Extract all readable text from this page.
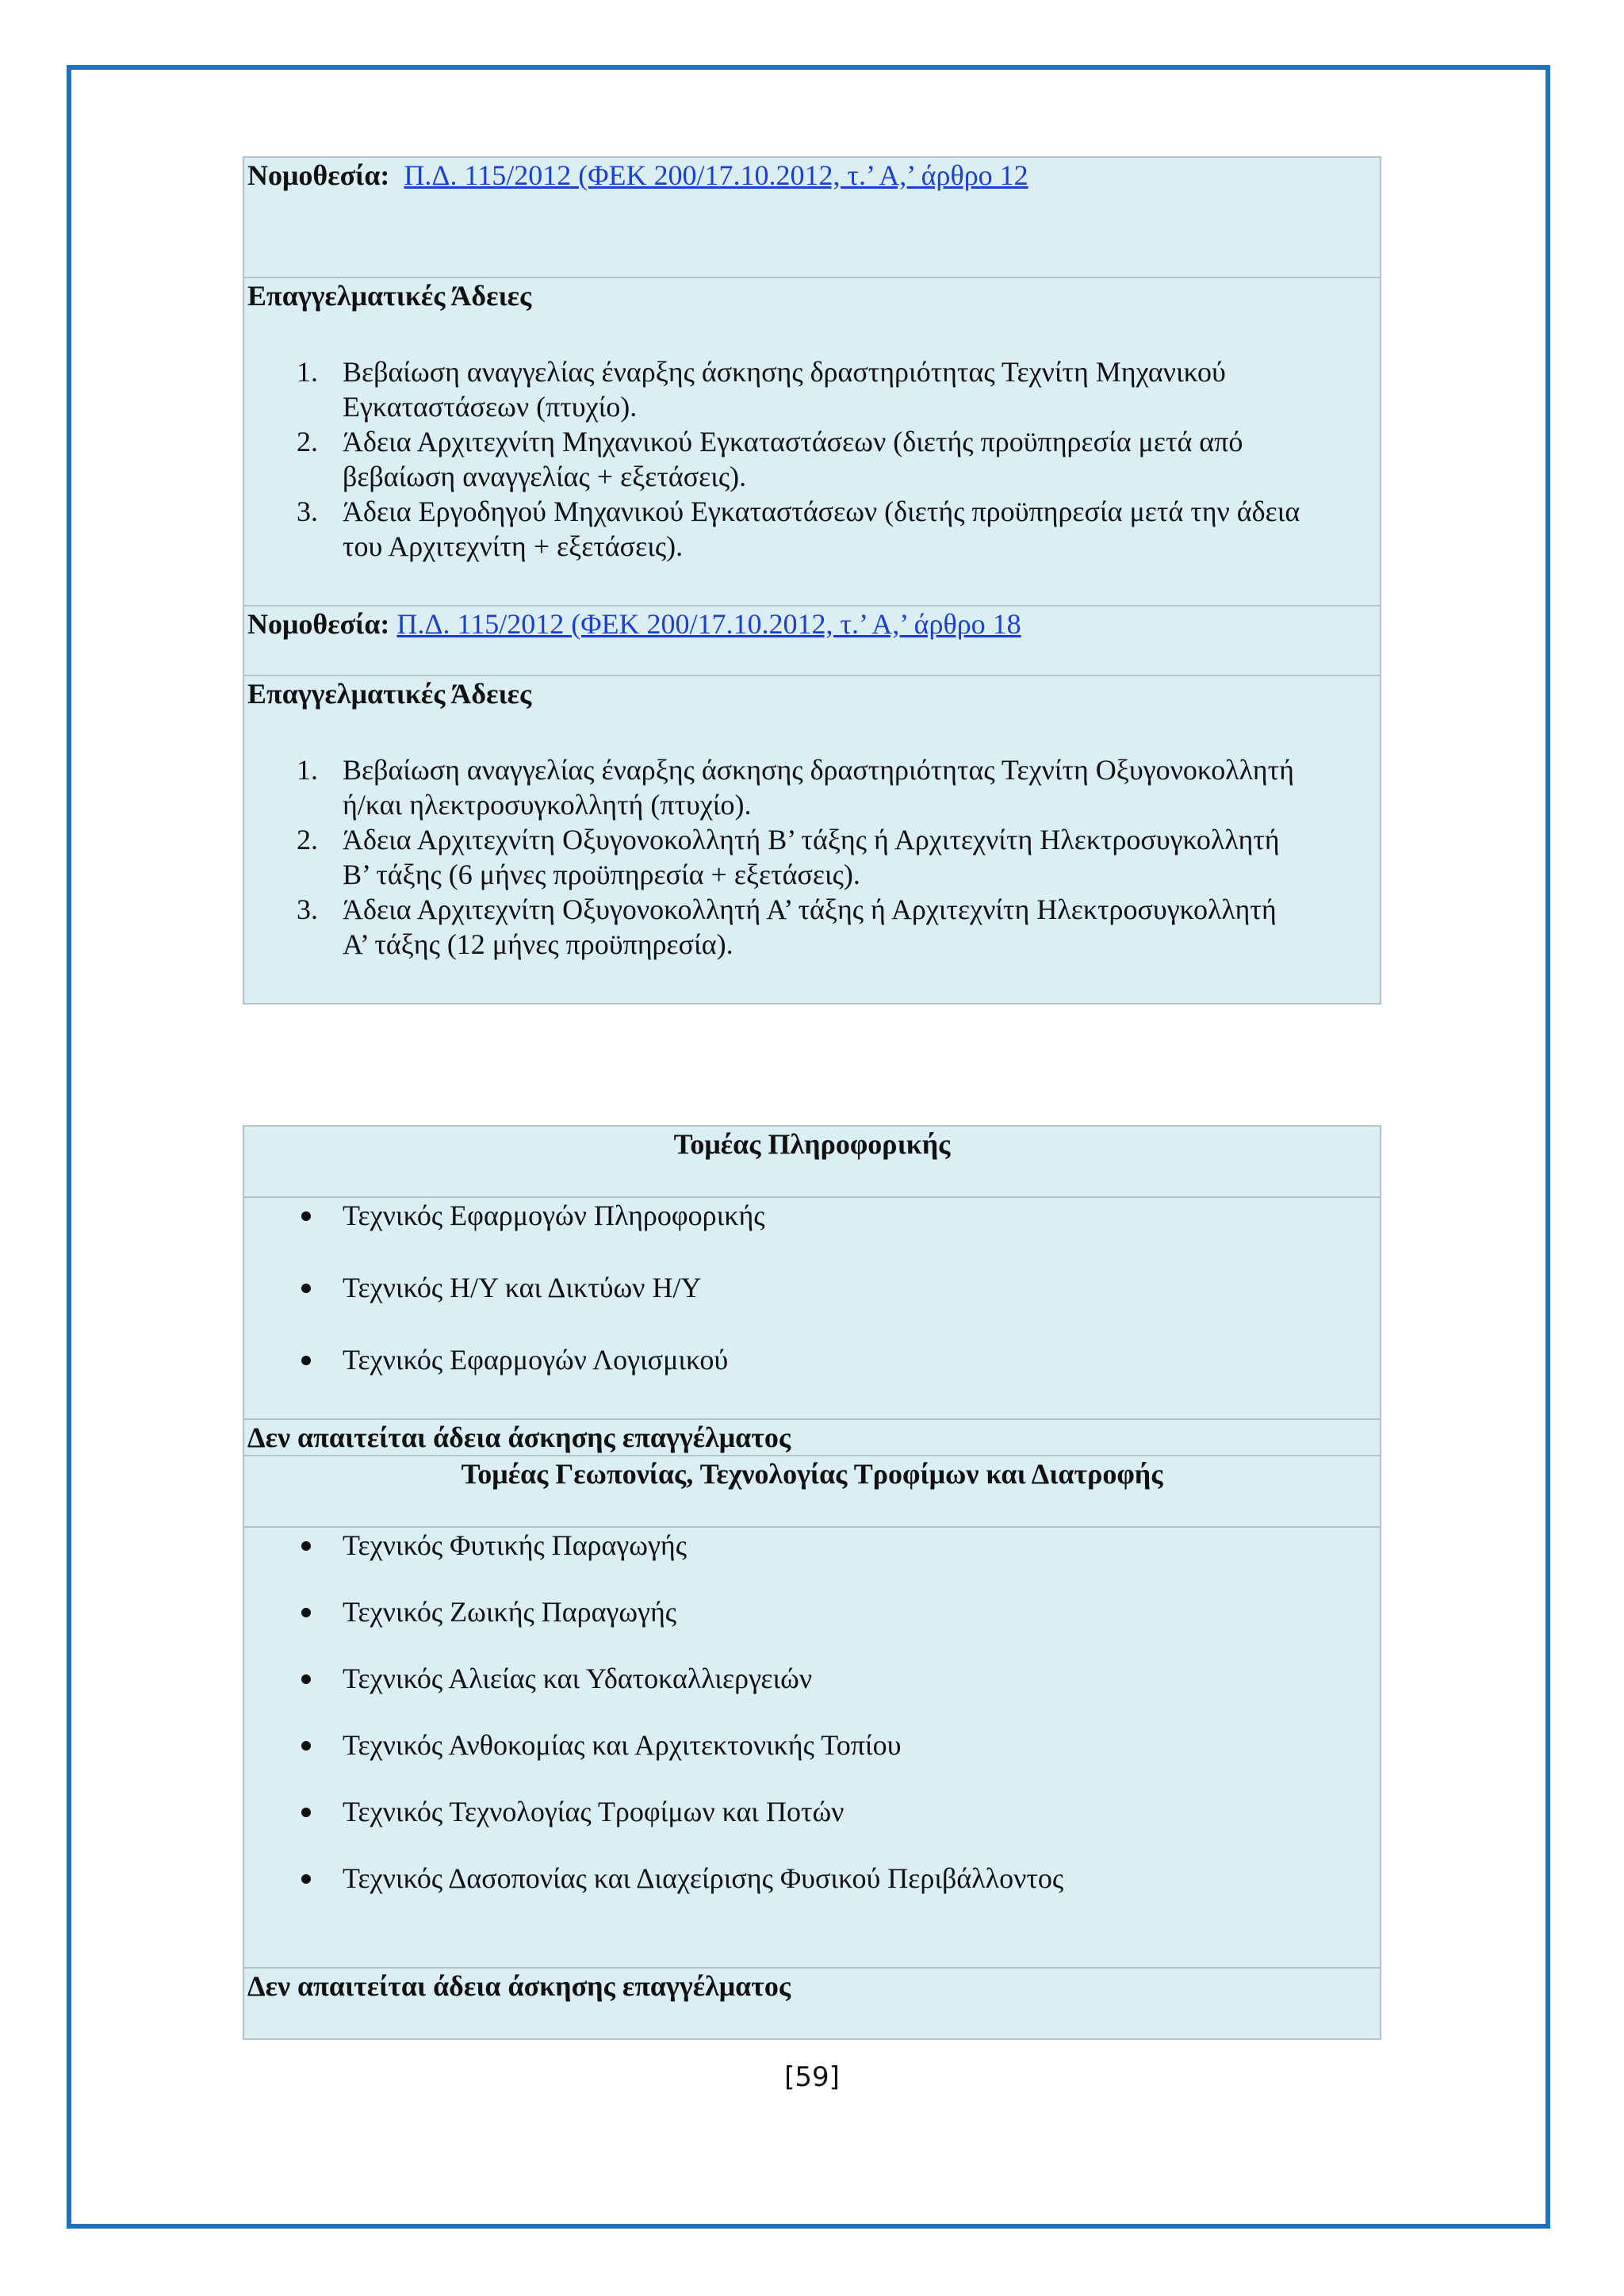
Νομοθεσία: Π.Δ. 115/2012 (ΦΕΚ 200/17.10.2012, τ.’ Α,’ άρθρο 12

Επαγγελματικές Άδειες
1. Βεβαίωση αναγγελίας έναρξης άσκησης δραστηριότητας Τεχνίτη Μηχανικού
Εγκαταστάσεων (πτυχίο).
2. Άδεια Αρχιτεχνίτη Μηχανικού Εγκαταστάσεων (διετής προϋπηρεσία μετά από
βεβαίωση αναγγελίας + εξετάσεις).
3. Άδεια Εργοδηγού Μηχανικού Εγκαταστάσεων (διετής προϋπηρεσία μετά την άδεια
του Αρχιτεχνίτη + εξετάσεις).

Νομοθεσία: Π.Δ. 115/2012 (ΦΕΚ 200/17.10.2012, τ.’ Α,’ άρθρο 18

Επαγγελματικές Άδειες
1. Βεβαίωση αναγγελίας έναρξης άσκησης δραστηριότητας Τεχνίτη Οξυγονοκολλητή
ή/και ηλεκτροσυγκολλητή (πτυχίο).
2. Άδεια Αρχιτεχνίτη Οξυγονοκολλητή Β’ τάξης ή Αρχιτεχνίτη Ηλεκτροσυγκολλητή
Β’ τάξης (6 μήνες προϋπηρεσία + εξετάσεις).
3. Άδεια Αρχιτεχνίτη Οξυγονοκολλητή Α’ τάξης ή Αρχιτεχνίτη Ηλεκτροσυγκολλητή
Α’ τάξης (12 μήνες προϋπηρεσία).
Τομέας Πληροφορικής

Τεχνικός Εφαρμογών Πληροφορικής
Τεχνικός Η/Υ και Δικτύων Η/Υ
Τεχνικός Εφαρμογών Λογισμικού

Δεν απαιτείται άδεια άσκησης επαγγέλματος
Τομέας Γεωπονίας, Τεχνολογίας Τροφίμων και Διατροφής

Τεχνικός Φυτικής Παραγωγής
Τεχνικός Ζωικής Παραγωγής
Τεχνικός Αλιείας και Υδατοκαλλιεργειών
Τεχνικός Ανθοκομίας και Αρχιτεκτονικής Τοπίου
Τεχνικός Τεχνολογίας Τροφίμων και Ποτών
Τεχνικός Δασοπονίας και Διαχείρισης Φυσικού Περιβάλλοντος

Δεν απαιτείται άδεια άσκησης επαγγέλματος
[59]
